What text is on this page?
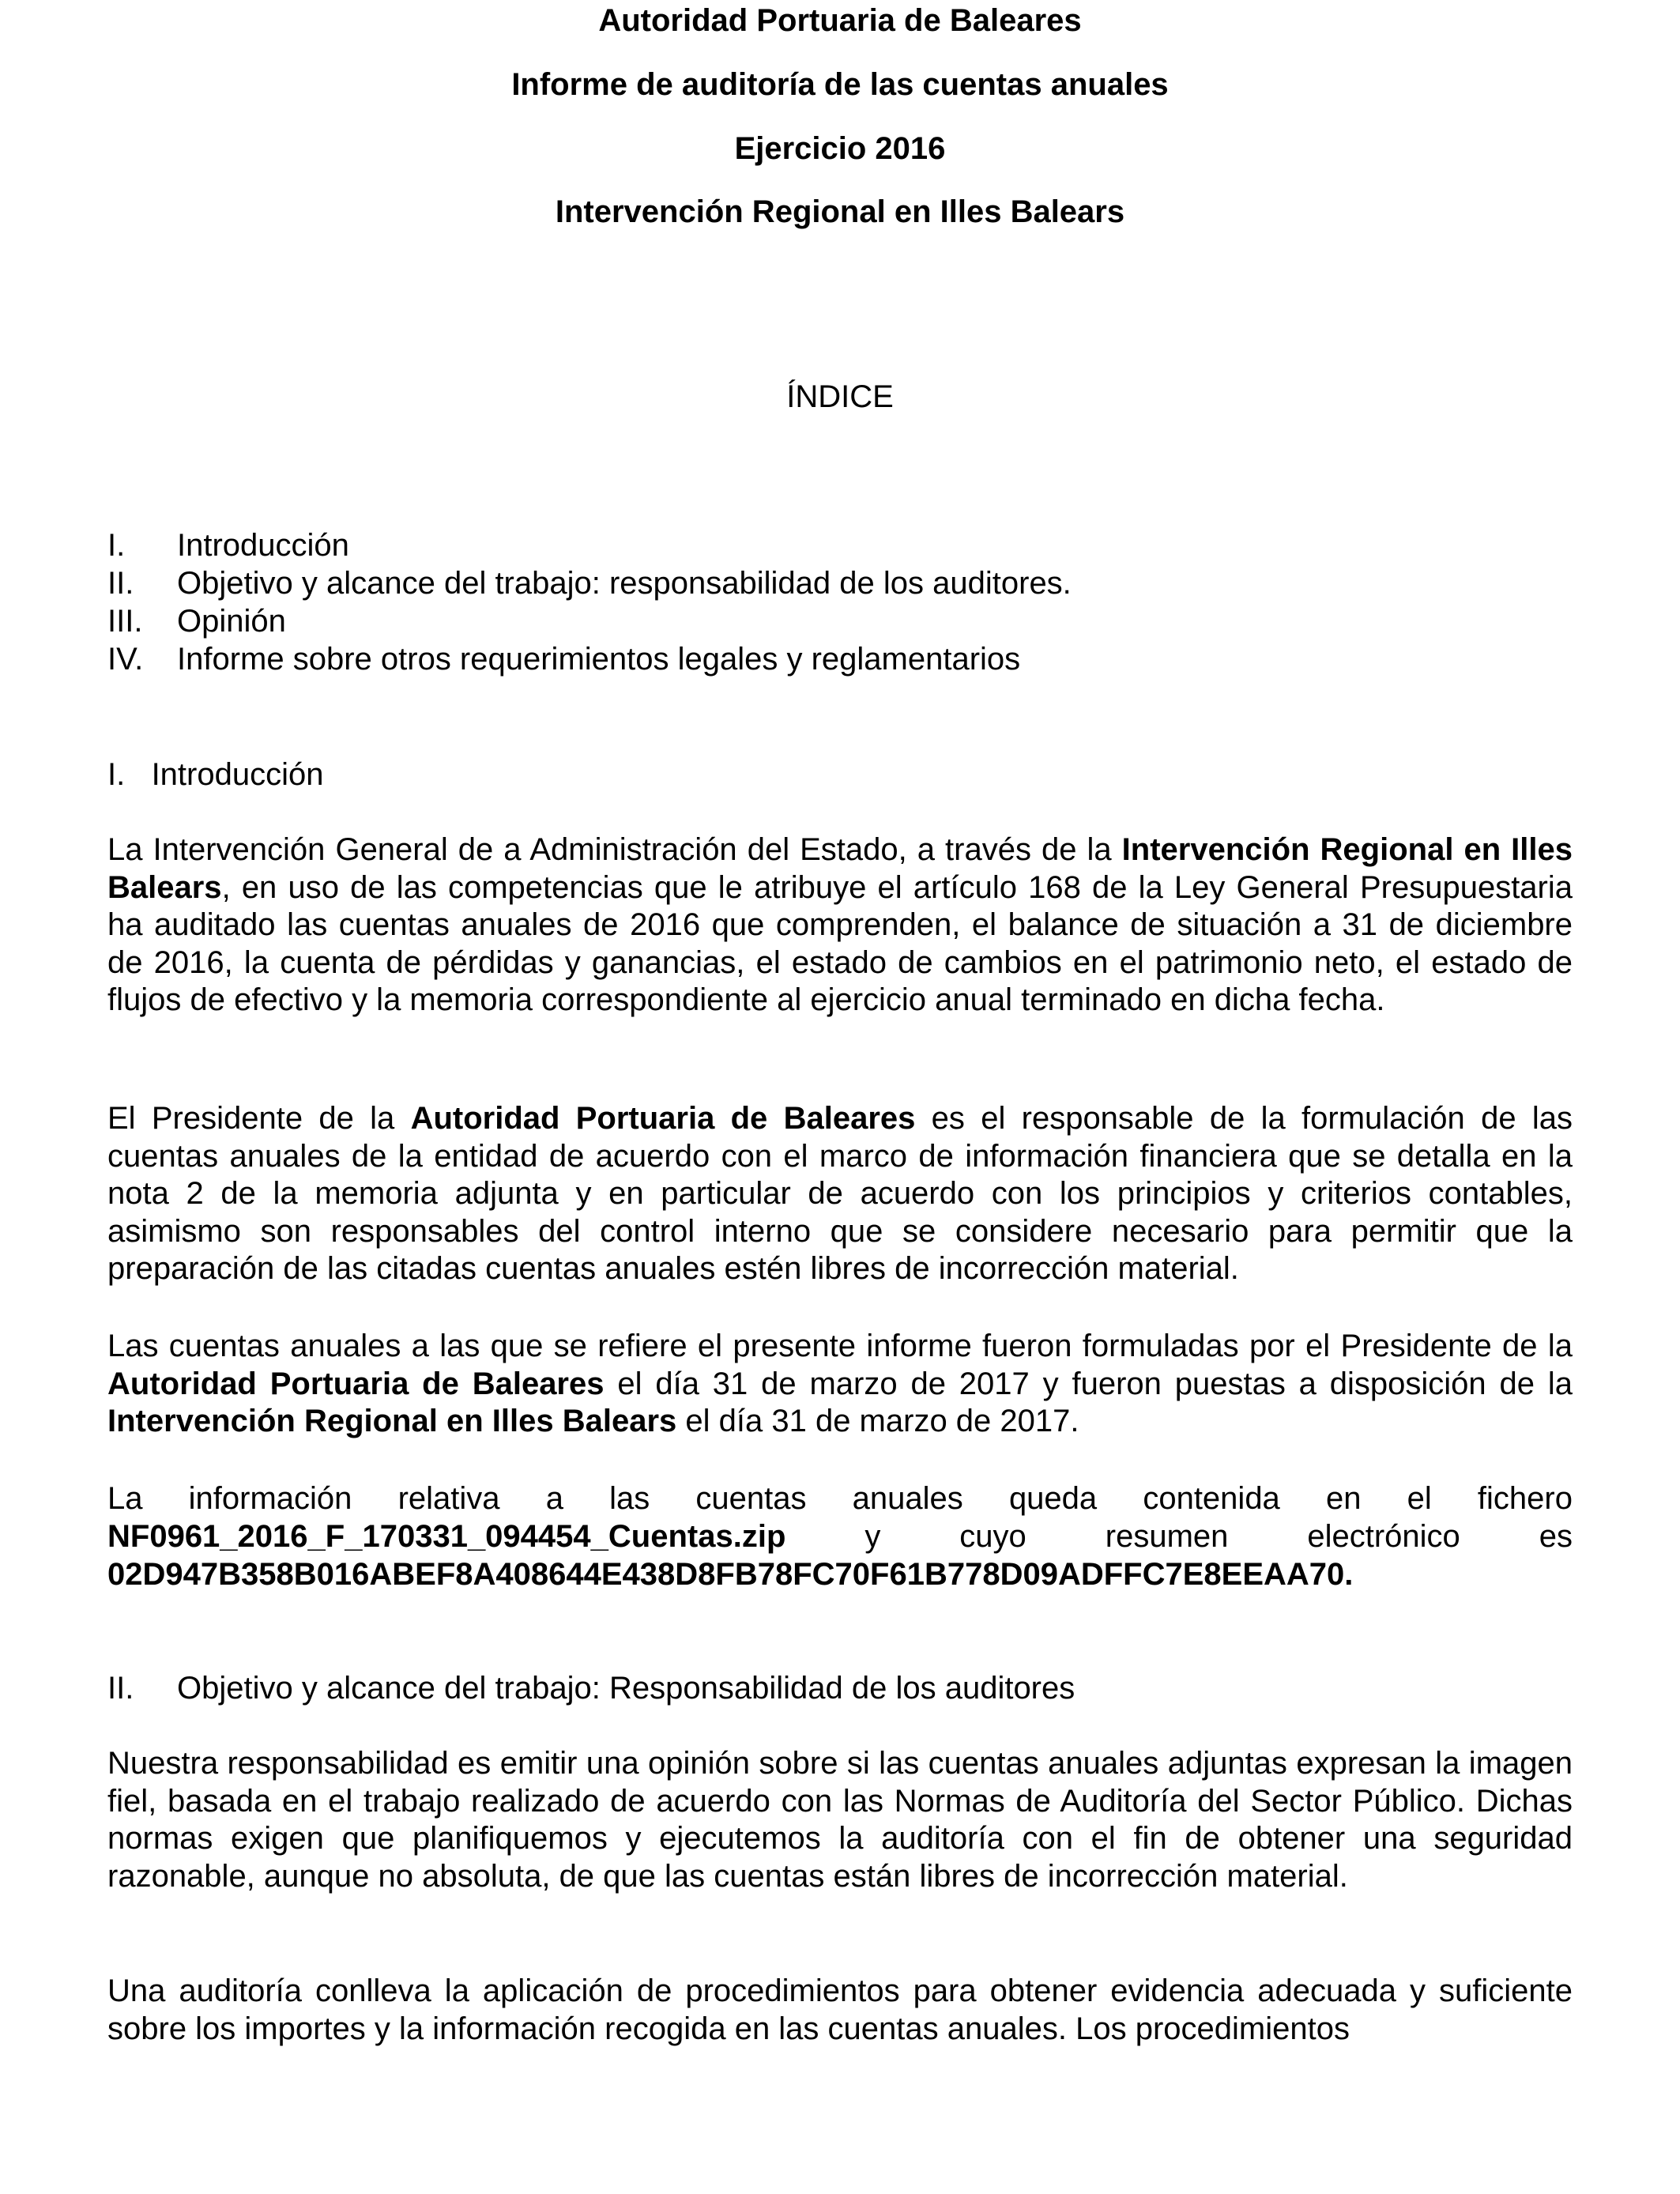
Autoridad Portuaria de Baleares
Informe de auditoría de las cuentas anuales
Ejercicio 2016
Intervención Regional en Illes Balears
ÍNDICE
I. Introducción
II. Objetivo y alcance del trabajo: responsabilidad de los auditores.
III. Opinión
IV. Informe sobre otros requerimientos legales y reglamentarios
I.   Introducción
La Intervención General de a Administración del Estado, a través de la Intervención Regional en Illes Balears, en uso de las competencias que le atribuye el artículo 168 de la Ley General Presupuestaria ha auditado las cuentas anuales de 2016 que comprenden, el balance de situación a 31 de diciembre de 2016, la cuenta de pérdidas y ganancias, el estado de cambios en el patrimonio neto, el estado de flujos de efectivo y la memoria correspondiente al ejercicio anual terminado en dicha fecha.
El Presidente de la Autoridad Portuaria de Baleares es el responsable de la formulación de las cuentas anuales de la entidad de acuerdo con el marco de información financiera que se detalla en la nota 2 de la memoria adjunta y en particular de acuerdo con los principios y criterios contables, asimismo son responsables del control interno que se considere necesario para permitir que la preparación de las citadas cuentas anuales estén libres de incorrección material.
Las cuentas anuales a las que se refiere el presente informe fueron formuladas por el Presidente de la  Autoridad Portuaria de Baleares el día 31 de marzo de 2017 y fueron puestas a disposición de la Intervención Regional en Illes Balears el día 31 de marzo de 2017.
La información relativa a las cuentas anuales queda contenida en el fichero
NF0961_2016_F_170331_094454_Cuentas.zip y cuyo resumen electrónico es
02D947B358B016ABEF8A408644E438D8FB78FC70F61B778D09ADFFC7E8EEAA70.
II. Objetivo y alcance del trabajo: Responsabilidad de los auditores
Nuestra responsabilidad es emitir una opinión sobre si las cuentas anuales adjuntas expresan la imagen fiel, basada en el trabajo realizado de acuerdo con las Normas de Auditoría del Sector Público. Dichas normas exigen que planifiquemos y ejecutemos la auditoría con el fin de obtener una seguridad razonable, aunque no absoluta, de que las cuentas están libres de incorrección material.
Una auditoría conlleva la aplicación de procedimientos para obtener evidencia adecuada y suficiente sobre los importes y la información recogida en las cuentas anuales. Los procedimientos
